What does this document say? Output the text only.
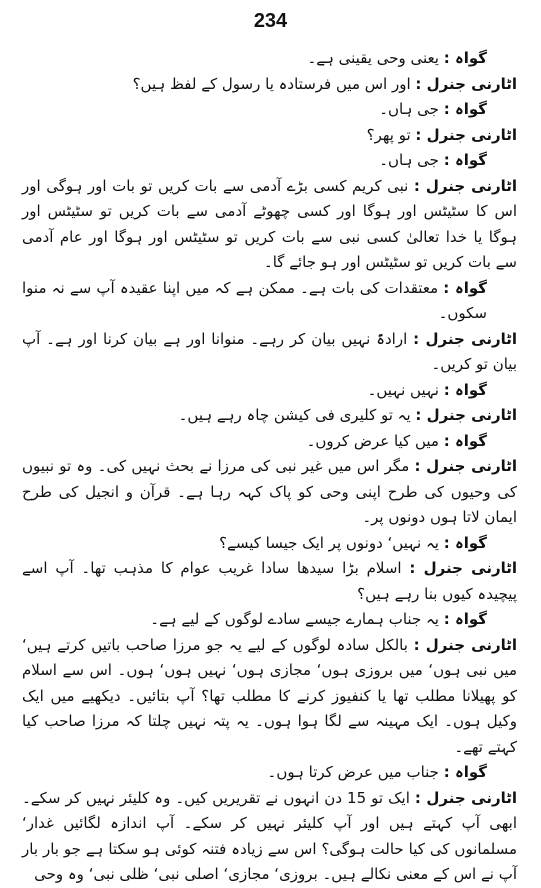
234

گواہ : یعنی وحی یقینی ہے۔

اٹارنی جنرل : اور اس میں فرستادہ یا رسول کے لفظ ہیں؟

گواہ : جی ہاں۔

اٹارنی جنرل : تو پھر؟

گواہ : جی ہاں۔

اٹارنی جنرل : نبی کریم کسی بڑے آدمی سے بات کریں تو بات اور ہوگی اور اس کا سٹیٹس اور ہوگا اور کسی چھوٹے آدمی سے بات کریں تو سٹیٹس اور ہوگا یا خدا تعالیٰ کسی نبی سے بات کریں تو سٹیٹس اور ہوگا اور عام آدمی سے بات کریں تو سٹیٹس اور ہو جائے گا۔

گواہ : معتقدات کی بات ہے۔ ممکن ہے کہ میں اپنا عقیدہ آپ سے نہ منوا سکوں۔

اٹارنی جنرل : ارادۃً نہیں بیان کر رہے۔ منوانا اور ہے بیان کرنا اور ہے۔ آپ بیان تو کریں۔

گواہ : نہیں نہیں۔

اٹارنی جنرل : یہ تو کلیری فی کیشن چاہ رہے ہیں۔

گواہ : میں کیا عرض کروں۔

اٹارنی جنرل : مگر اس میں غیر نبی کی مرزا نے بحث نہیں کی۔ وہ تو نبیوں کی وحیوں کی طرح اپنی وحی کو پاک کہہ رہا ہے۔ قرآن و انجیل کی طرح ایمان لاتا ہوں دونوں پر۔

گواہ : یہ نہیں‘ دونوں پر ایک جیسا کیسے؟

اٹارنی جنرل : اسلام بڑا سیدھا سادا غریب عوام کا مذہب تھا۔ آپ اسے پیچیدہ کیوں بنا رہے ہیں؟

گواہ : یہ جناب ہمارے جیسے سادے لوگوں کے لیے ہے۔

اٹارنی جنرل : بالکل سادہ لوگوں کے لیے یہ جو مرزا صاحب باتیں کرتے ہیں‘ میں نبی ہوں‘ میں بروزی ہوں‘ مجازی ہوں‘ نہیں ہوں‘ ہوں۔ اس سے اسلام کو پھیلانا مطلب تھا یا کنفیوز کرنے کا مطلب تھا؟ آپ بتائیں۔ دیکھیے میں ایک وکیل ہوں۔ ایک مہینہ سے لگا ہوا ہوں۔ یہ پتہ نہیں چلتا کہ مرزا صاحب کیا کہتے تھے۔

گواہ : جناب میں عرض کرتا ہوں۔

اٹارنی جنرل : ایک تو 15 دن انہوں نے تقریریں کیں۔ وہ کلیئر نہیں کر سکے۔ ابھی آپ کہتے ہیں اور آپ کلیئر نہیں کر سکے۔ آپ اندازہ لگائیں غدار‘ مسلمانوں کی کیا حالت ہوگی؟ اس سے زیادہ فتنہ کوئی ہو سکتا ہے جو بار بار آپ نے اس کے معنی نکالے ہیں۔ بروزی‘ مجازی‘ اصلی نبی‘ ظلی نبی‘ وہ وحی
